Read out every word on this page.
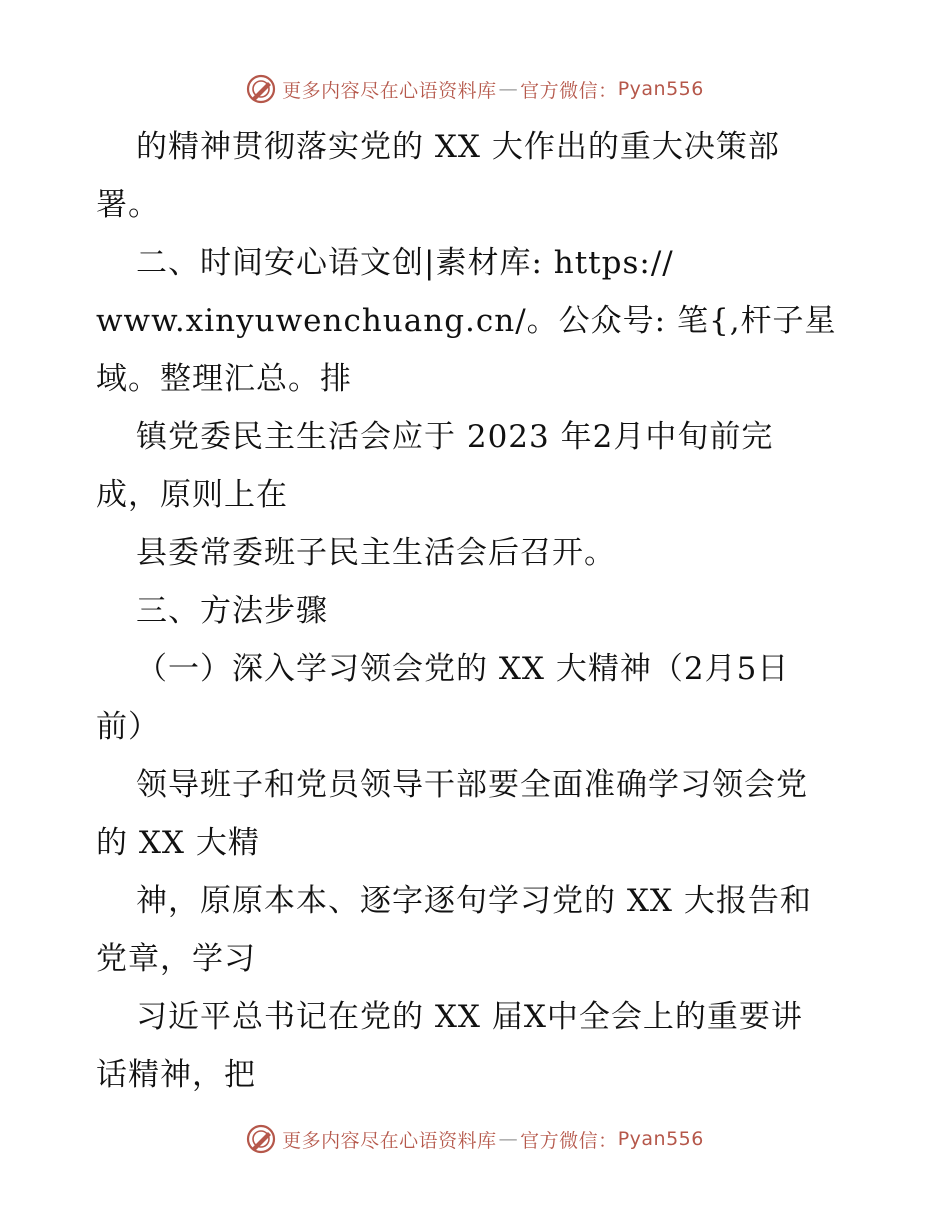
更多内容尽在心语资料库 — 官方微信： Pyan556
的精神贯彻落实党的 XX 大作出的重大决策部
署。
二、时间安心语文创|素材库: https://
www.xinyuwenchuang.cn/。公众号: 笔{,杆子星
域。整理汇总。排
镇党委民主生活会应于 2023 年2月中旬前完
成，原则上在
县委常委班子民主生活会后召开。
三、方法步骤
（一）深入学习领会党的 XX 大精神（2月5日
前）
领导班子和党员领导干部要全面准确学习领会党
的 XX 大精
神，原原本本、逐字逐句学习党的 XX 大报告和
党章，学习
习近平总书记在党的 XX 届X中全会上的重要讲
话精神，把
更多内容尽在心语资料库 — 官方微信： Pyan556
